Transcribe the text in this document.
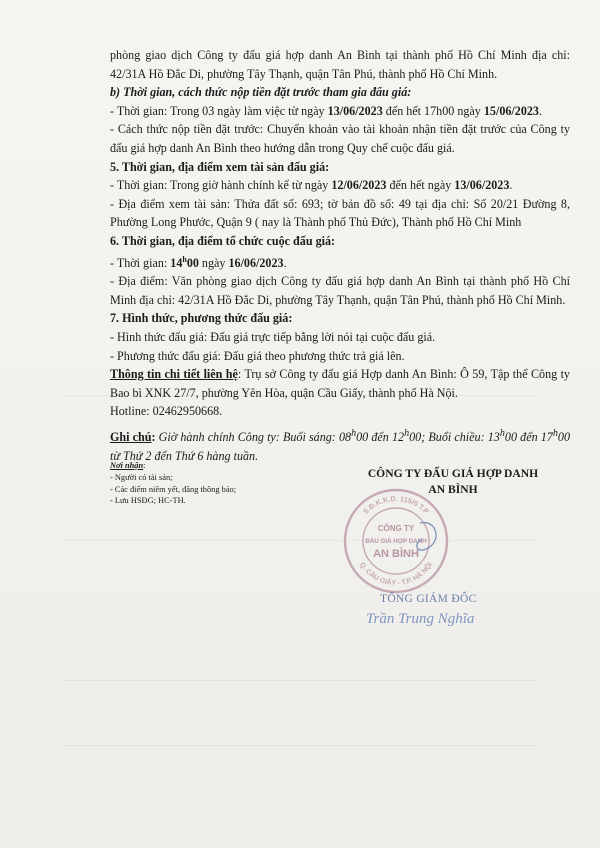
phòng giao dịch Công ty đấu giá hợp danh An Bình tại thành phố Hồ Chí Minh địa chỉ: 42/31A Hồ Đắc Di, phường Tây Thạnh, quận Tân Phú, thành phố Hồ Chí Minh.

b) Thời gian, cách thức nộp tiền đặt trước tham gia đấu giá:

- Thời gian: Trong 03 ngày làm việc từ ngày 13/06/2023 đến hết 17h00 ngày 15/06/2023.

- Cách thức nộp tiền đặt trước: Chuyển khoản vào tài khoản nhận tiền đặt trước của Công ty đấu giá hợp danh An Bình theo hướng dẫn trong Quy chế cuộc đấu giá.

5. Thời gian, địa điểm xem tài sản đấu giá:

- Thời gian: Trong giờ hành chính kể từ ngày 12/06/2023 đến hết ngày 13/06/2023.

- Địa điểm xem tài sản: Thửa đất số: 693; tờ bản đồ số: 49 tại địa chỉ: Số 20/21 Đường 8, Phường Long Phước, Quận 9 ( nay là Thành phố Thủ Đức), Thành phố Hồ Chí Minh

6. Thời gian, địa điểm tổ chức cuộc đấu giá:

- Thời gian: 14$^h$00 ngày 16/06/2023.

- Địa điểm: Văn phòng giao dịch Công ty đấu giá hợp danh An Bình tại thành phố Hồ Chí Minh địa chỉ: 42/31A Hồ Đắc Di, phường Tây Thạnh, quận Tân Phú, thành phố Hồ Chí Minh.

7. Hình thức, phương thức đấu giá:

- Hình thức đấu giá: Đấu giá trực tiếp bằng lời nói tại cuộc đấu giá.

- Phương thức đấu giá: Đấu giá theo phương thức trả giá lên.

Thông tin chi tiết liên hệ: Trụ sở Công ty đấu giá Hợp danh An Bình: Ô 59, Tập thể Công ty Bao bì XNK 27/7, phường Yên Hòa, quận Cầu Giấy, thành phố Hà Nội.

Hotline: 02462950668.

Ghi chú: Giờ hành chính Công ty: Buổi sáng: 08$^h$00 đến 12$^h$00; Buổi chiều: 13$^h$00 đến 17$^h$00 từ Thứ 2 đến Thứ 6 hàng tuần.

Nơi nhận:
- Người có tài sản;
- Các điểm niêm yết, đăng thông báo;
- Lưu HSĐG; HC-TH.
CÔNG TY ĐẤU GIÁ HỢP DANH
AN BÌNH
S.Đ.K.K.D. 115/0 T.P
Q. CẦU GIẤY - T.P. HÀ NỘI
CÔNG TY
ĐẤU GIÁ HỢP DANH
AN BÌNH
TỔNG GIÁM ĐỐC
Trần Trung Nghĩa
